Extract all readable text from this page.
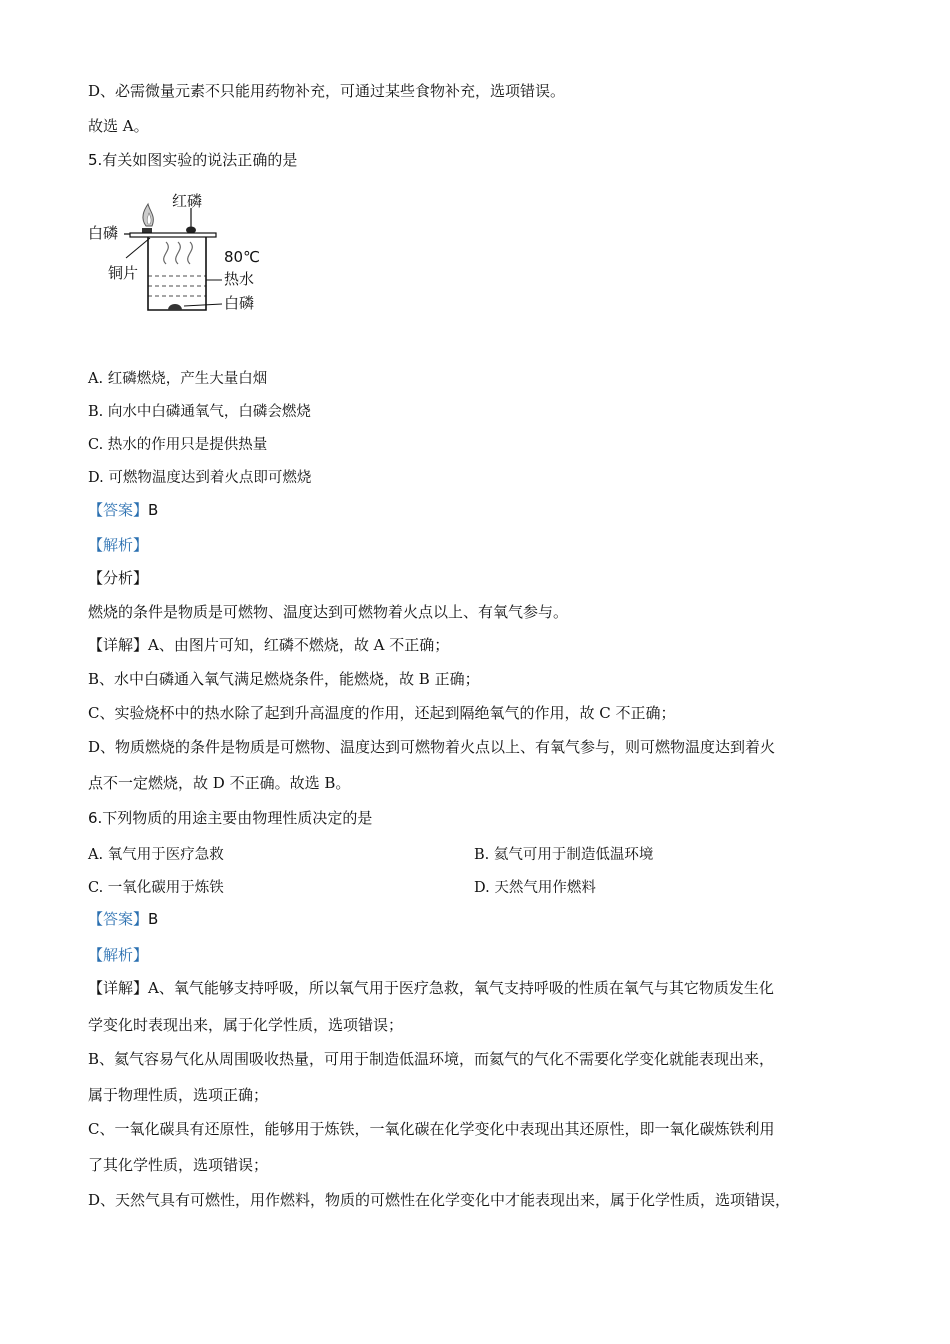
D、必需微量元素不只能用药物补充，可通过某些食物补充，选项错误。
故选 A。
5.有关如图实验的说法正确的是
红磷
白磷
80℃
铜片	热水
白磷
A. 红磷燃烧，产生大量白烟
B. 向水中白磷通氧气，白磷会燃烧
C. 热水的作用只是提供热量
D. 可燃物温度达到着火点即可燃烧
【答案】B
【解析】
【分析】
燃烧的条件是物质是可燃物、温度达到可燃物着火点以上、有氧气参与。
【详解】A、由图片可知，红磷不燃烧，故 A 不正确；
B、水中白磷通入氧气满足燃烧条件，能燃烧，故 B 正确；
C、实验烧杯中的热水除了起到升高温度的作用，还起到隔绝氧气的作用，故 C 不正确；
D、物质燃烧的条件是物质是可燃物、温度达到可燃物着火点以上、有氧气参与，则可燃物温度达到着火
点不一定燃烧，故 D 不正确。故选 B。
6.下列物质的用途主要由物理性质决定的是
A. 氧气用于医疗急救	B. 氦气可用于制造低温环境
C. 一氧化碳用于炼铁	D. 天然气用作燃料
【答案】B
【解析】
【详解】A、氧气能够支持呼吸，所以氧气用于医疗急救，氧气支持呼吸的性质在氧气与其它物质发生化
学变化时表现出来，属于化学性质，选项错误；
B、氦气容易气化从周围吸收热量，可用于制造低温环境，而氦气的气化不需要化学变化就能表现出来，
属于物理性质，选项正确；
C、一氧化碳具有还原性，能够用于炼铁，一氧化碳在化学变化中表现出其还原性，即一氧化碳炼铁利用
了其化学性质，选项错误；
D、天然气具有可燃性，用作燃料，物质的可燃性在化学变化中才能表现出来，属于化学性质，选项错误，
